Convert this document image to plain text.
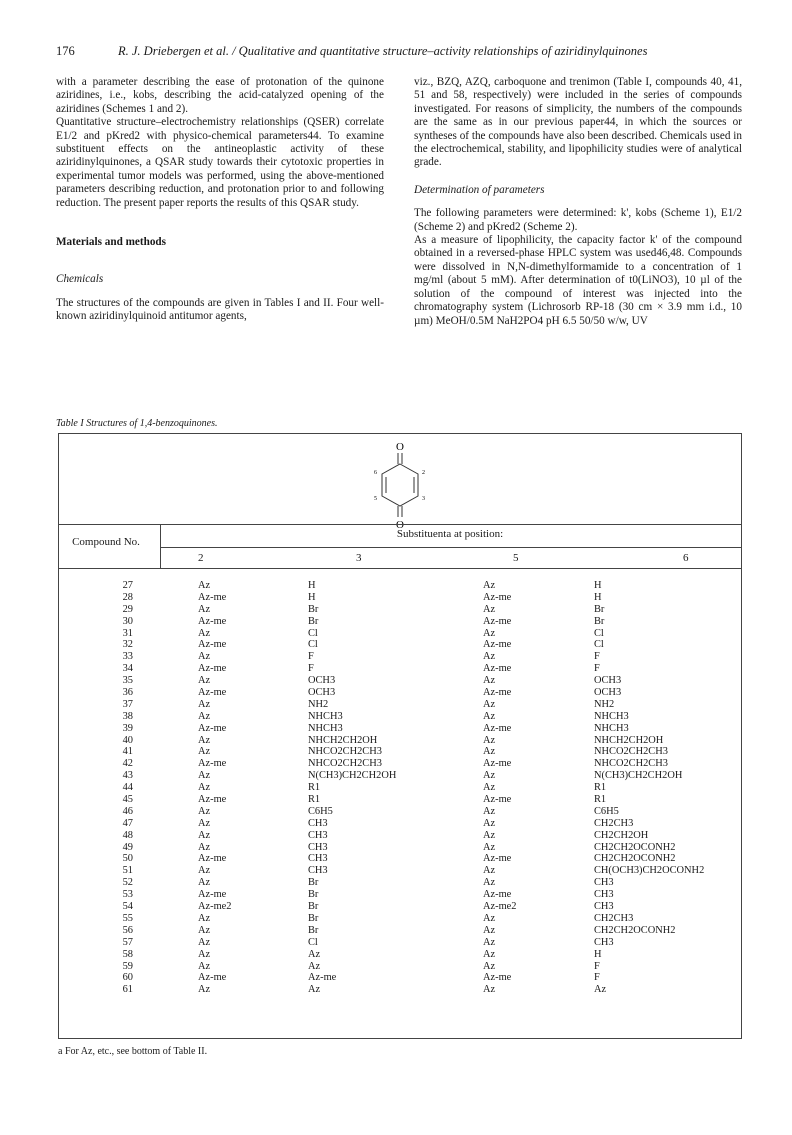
176	R. J. Driebergen et al. / Qualitative and quantitative structure–activity relationships of aziridinylquinones

with a parameter describing the ease of protonation of the quinone aziridines, i.e., kobs, describing the acid-catalyzed opening of the aziridines (Schemes 1 and 2).

Quantitative structure–electrochemistry relationships (QSER) correlate E1/2 and pKred2 with physico-chemical parameters44. To examine substituent effects on the antineoplastic activity of these aziridinylquinones, a QSAR study towards their cytotoxic properties in experimental tumor models was performed, using the above-mentioned parameters describing reduction, and protonation prior to and following reduction. The present paper reports the results of this QSAR study.

Materials and methods

Chemicals

The structures of the compounds are given in Tables I and II. Four well-known aziridinylquinoid antitumor agents,

viz., BZQ, AZQ, carboquone and trenimon (Table I, compounds 40, 41, 51 and 58, respectively) were included in the series of compounds investigated. For reasons of simplicity, the numbers of the compounds are the same as in our previous paper44, in which the sources or syntheses of the compounds have also been described. Chemicals used in the electrochemical, stability, and lipophilicity studies were of analytical grade.

Determination of parameters

The following parameters were determined: k', kobs (Scheme 1), E1/2 (Scheme 2) and pKred2 (Scheme 2).

As a measure of lipophilicity, the capacity factor k' of the compound obtained in a reversed-phase HPLC system was used46,48. Compounds were dissolved in N,N-dimethylformamide to a concentration of 1 mg/ml (about 5 mM). After determination of t0(LiNO3), 10 µl of the solution of the compound of interest was injected into the chromatography system (Lichrosorb RP-18 (30 cm × 3.9 mm i.d., 10 µm) MeOH/0.5M NaH2PO4 pH 6.5 50/50 w/w, UV

Table I Structures of 1,4-benzoquinones.
O
O
2
3
5
6
Compound No.
Substituenta at position:
2	3	5	6
27	Az	H	Az	H
28	Az-me	H	Az-me	H
29	Az	Br	Az	Br
30	Az-me	Br	Az-me	Br
31	Az	Cl	Az	Cl
32	Az-me	Cl	Az-me	Cl
33	Az	F	Az	F
34	Az-me	F	Az-me	F
35	Az	OCH3	Az	OCH3
36	Az-me	OCH3	Az-me	OCH3
37	Az	NH2	Az	NH2
38	Az	NHCH3	Az	NHCH3
39	Az-me	NHCH3	Az-me	NHCH3
40	Az	NHCH2CH2OH	Az	NHCH2CH2OH
41	Az	NHCO2CH2CH3	Az	NHCO2CH2CH3
42	Az-me	NHCO2CH2CH3	Az-me	NHCO2CH2CH3
43	Az	N(CH3)CH2CH2OH	Az	N(CH3)CH2CH2OH
44	Az	R1	Az	R1
45	Az-me	R1	Az-me	R1
46	Az	C6H5	Az	C6H5
47	Az	CH3	Az	CH2CH3
48	Az	CH3	Az	CH2CH2OH
49	Az	CH3	Az	CH2CH2OCONH2
50	Az-me	CH3	Az-me	CH2CH2OCONH2
51	Az	CH3	Az	CH(OCH3)CH2OCONH2
52	Az	Br	Az	CH3
53	Az-me	Br	Az-me	CH3
54	Az-me2	Br	Az-me2	CH3
55	Az	Br	Az	CH2CH3
56	Az	Br	Az	CH2CH2OCONH2
57	Az	Cl	Az	CH3
58	Az	Az	Az	H
59	Az	Az	Az	F
60	Az-me	Az-me	Az-me	F
61	Az	Az	Az	Az
a For Az, etc., see bottom of Table II.
